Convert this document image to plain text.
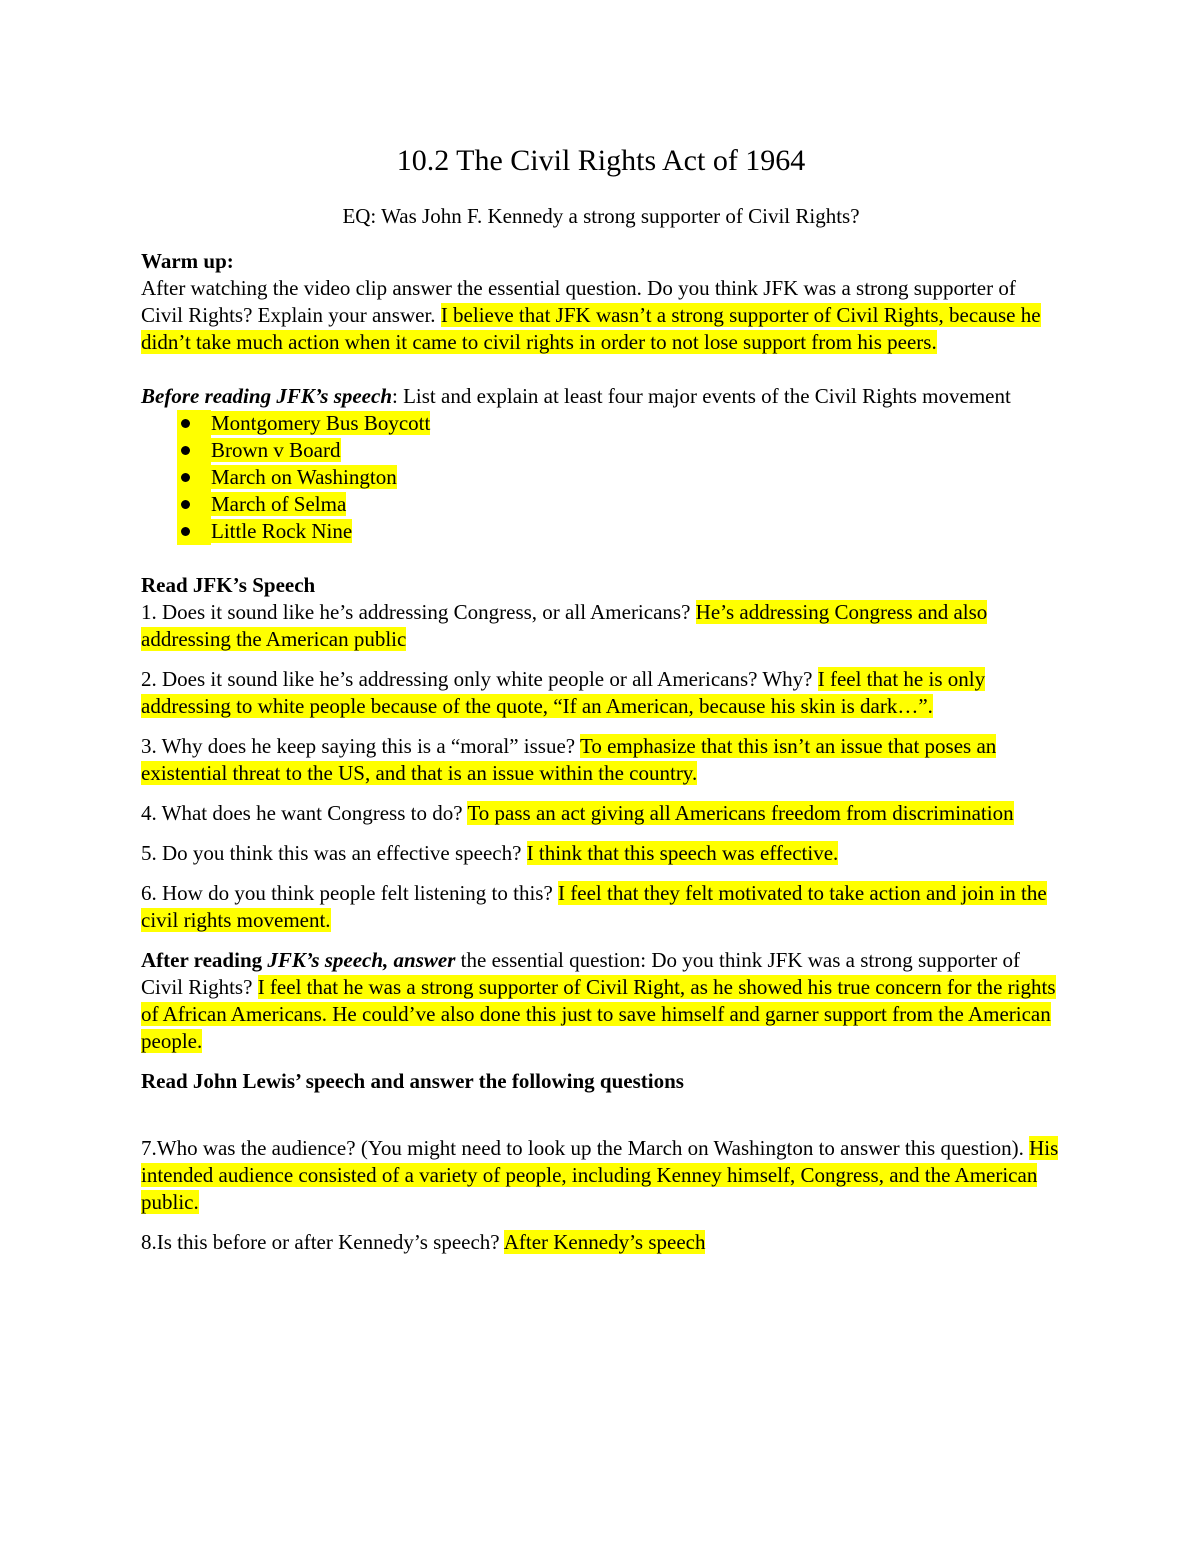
10.2 The Civil Rights Act of 1964
EQ: Was John F. Kennedy a strong supporter of Civil Rights?

Warm up:

After watching the video clip answer the essential question. Do you think JFK was a strong supporter of Civil Rights? Explain your answer. I believe that JFK wasn’t a strong supporter of Civil Rights, because he didn’t take much action when it came to civil rights in order to not lose support from his peers.

Before reading JFK’s speech: List and explain at least four major events of the Civil Rights movement

Montgomery Bus Boycott
Brown v Board
March on Washington
March of Selma
Little Rock Nine

Read JFK’s Speech

1. Does it sound like he’s addressing Congress, or all Americans? He’s addressing Congress and also addressing the American public

2. Does it sound like he’s addressing only white people or all Americans? Why? I feel that he is only addressing to white people because of the quote, “If an American, because his skin is dark…”.

3. Why does he keep saying this is a “moral” issue? To emphasize that this isn’t an issue that poses an existential threat to the US, and that is an issue within the country.

4. What does he want Congress to do? To pass an act giving all Americans freedom from discrimination

5. Do you think this was an effective speech? I think that this speech was effective.

6. How do you think people felt listening to this? I feel that they felt motivated to take action and join in the civil rights movement.

After reading JFK’s speech, answer the essential question: Do you think JFK was a strong supporter of Civil Rights? I feel that he was a strong supporter of Civil Right, as he showed his true concern for the rights of African Americans. He could’ve also done this just to save himself and garner support from the American people.

Read John Lewis’ speech and answer the following questions

7.Who was the audience? (You might need to look up the March on Washington to answer this question). His intended audience consisted of a variety of people, including Kenney himself, Congress, and the American public.

8.Is this before or after Kennedy’s speech? After Kennedy’s speech
